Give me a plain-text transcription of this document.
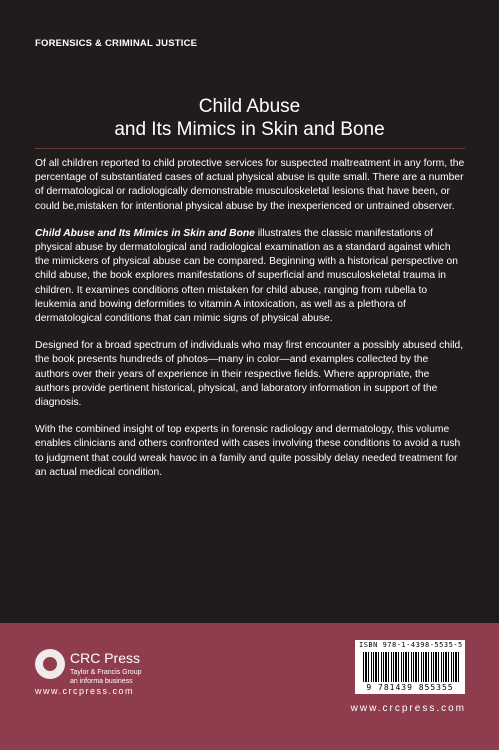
FORENSICS & CRIMINAL JUSTICE
Child Abuse
and Its Mimics in Skin and Bone

Of all children reported to child protective services for suspected maltreatment in any form, the percentage of substantiated cases of actual physical abuse is quite small. There are a number of dermatological or radiologically demonstrable musculoskeletal lesions that have been, or could be,mistaken for intentional physical abuse by the inexperienced or untrained observer.

Child Abuse and Its Mimics in Skin and Bone illustrates the classic manifestations of physical abuse by dermatological and radiological examination as a standard against which the mimickers of physical abuse can be compared. Beginning with a historical perspective on child abuse, the book explores manifestations of superficial and musculoskeletal trauma in children. It examines conditions often mistaken for child abuse, ranging from rubella to leukemia and bowing deformities to vitamin A intoxication, as well as a plethora of dermatological conditions that can mimic signs of physical abuse.

Designed for a broad spectrum of individuals who may first encounter a possibly abused child, the book presents hundreds of photos—many in color—and examples collected by the authors over their years of experience in their respective fields. Where appropriate, the authors provide pertinent historical, physical, and laboratory information in support of the diagnosis.

With the combined insight of top experts in forensic radiology and dermatology, this volume enables clinicians and others confronted with cases involving these conditions to avoid a rush to judgment that could wreak havoc in a family and quite possibly delay needed treatment for an actual medical condition.

CRC Press
Taylor & Francis Group
an informa business
www.crcpress.com
ISBN 978-1-4398-5535-5
9 781439 855355
www.crcpress.com
